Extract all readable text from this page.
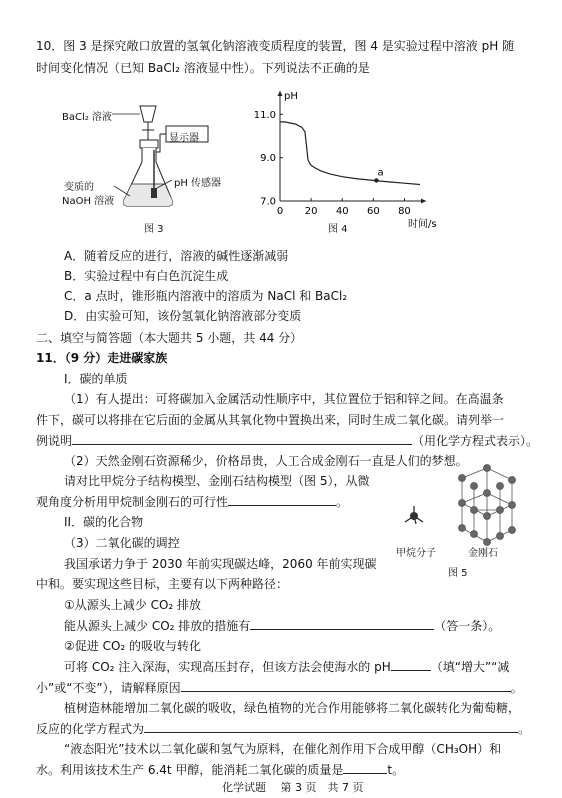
10．图 3 是探究敞口放置的氢氧化钠溶液变质程度的装置，图 4 是实验过程中溶液 pH 随
时间变化情况（已知 BaCl₂ 溶液显中性）。下列说法不正确的是
BaCl₂ 溶液
显示器
pH 传感器
变质的
NaOH 溶液
图 3
pH
时间/s
0 20 40 60 80
7.0
9.0
11.0
a
图 4
A．随着反应的进行，溶液的碱性逐渐减弱
B．实验过程中有白色沉淀生成
C．a 点时，锥形瓶内溶液中的溶质为 NaCl 和 BaCl₂
D．由实验可知，该份氢氧化钠溶液部分变质
二、填空与简答题（本大题共 5 小题，共 44 分）
11．（9 分）走进碳家族
I．碳的单质
（1）有人提出：可将碳加入金属活动性顺序中，其位置位于铝和锌之间。在高温条
件下，碳可以将排在它后面的金属从其氧化物中置换出来，同时生成二氧化碳。请列举一
例说明	（用化学方程式表示）。
（2）天然金刚石资源稀少，价格昂贵，人工合成金刚石一直是人们的梦想。
请对比甲烷分子结构模型、金刚石结构模型（图 5），从微
观角度分析用甲烷制金刚石的可行性	。
II．碳的化合物
（3）二氧化碳的调控
我国承诺力争于 2030 年前实现碳达峰，2060 年前实现碳
中和。要实现这些目标，主要有以下两种路径：
甲烷分子	金刚石
图 5
①从源头上减少 CO₂ 排放
能从源头上减少 CO₂ 排放的措施有	（答一条）。
②促进 CO₂ 的吸收与转化
可将 CO₂ 注入深海，实现高压封存，但该方法会使海水的 pH	（填“增大”“减
小”或“不变”），请解释原因	。
植树造林能增加二氧化碳的吸收，绿色植物的光合作用能够将二氧化碳转化为葡萄糖，
反应的化学方程式为	。
“液态阳光”技术以二氧化碳和氢气为原料，在催化剂作用下合成甲醇（CH₃OH）和
水。利用该技术生产 6.4t 甲醇，能消耗二氧化碳的质量是	t。
化学试题　 第 3 页　共 7 页
